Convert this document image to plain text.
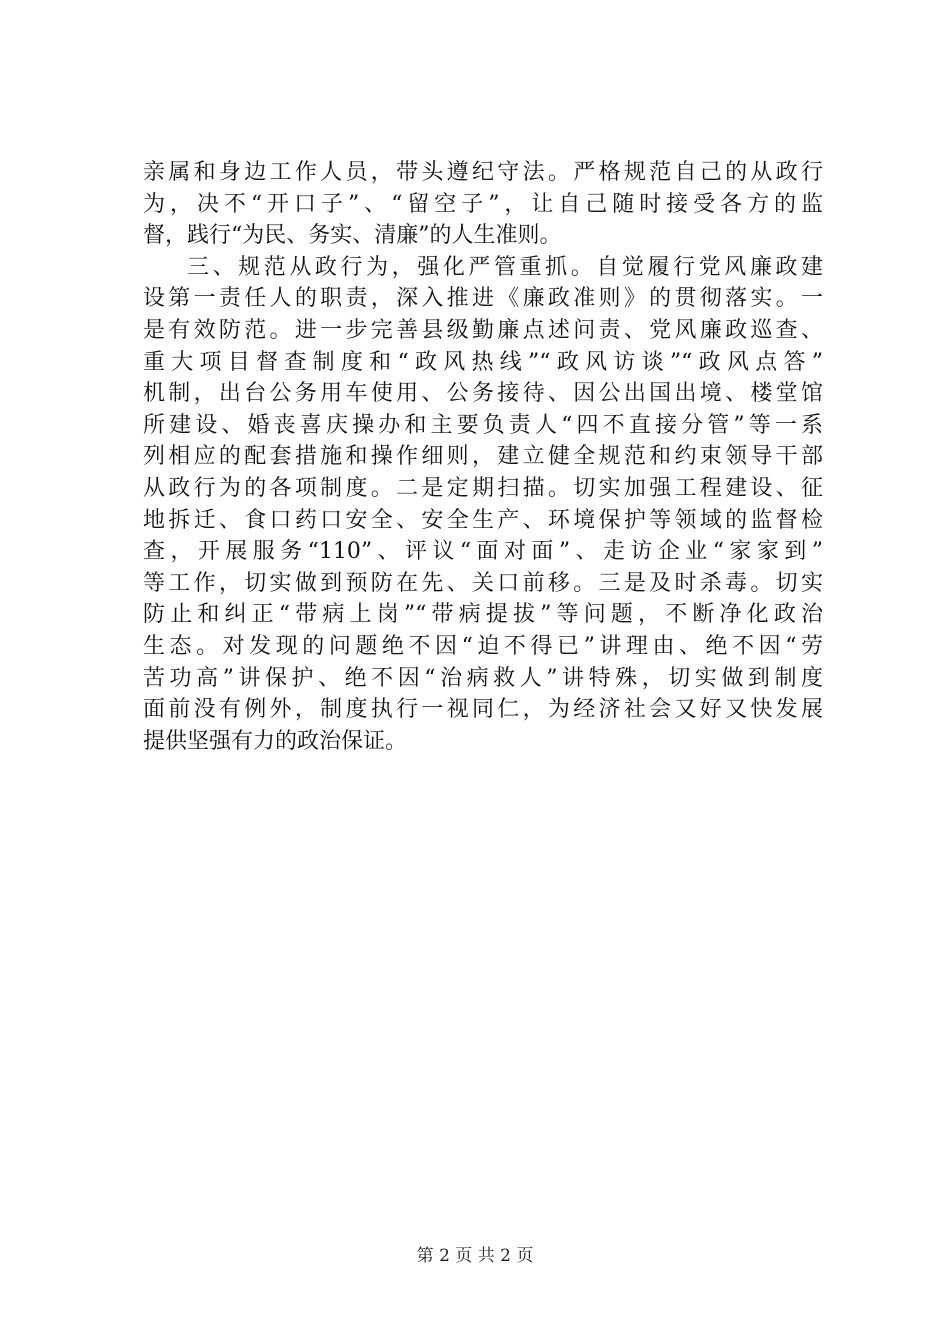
亲属和身边工作人员，带头遵纪守法。严格规范自己的从政行
为，决不“开口子”、“留空子”，让自己随时接受各方的监
督，践行“为民、务实、清廉”的人生准则。
三、规范从政行为，强化严管重抓。自觉履行党风廉政建
设第一责任人的职责，深入推进《廉政准则》的贯彻落实。一
是有效防范。进一步完善县级勤廉点述问责、党风廉政巡查、
重大项目督查制度和“政风热线”“政风访谈”“政风点答”
机制，出台公务用车使用、公务接待、因公出国出境、楼堂馆
所建设、婚丧喜庆操办和主要负责人“四不直接分管”等一系
列相应的配套措施和操作细则，建立健全规范和约束领导干部
从政行为的各项制度。二是定期扫描。切实加强工程建设、征
地拆迁、食口药口安全、安全生产、环境保护等领域的监督检
查，开展服务“110”、评议“面对面”、走访企业“家家到”
等工作，切实做到预防在先、关口前移。三是及时杀毒。切实
防止和纠正“带病上岗”“带病提拔”等问题，不断净化政治
生态。对发现的问题绝不因“迫不得已”讲理由、绝不因“劳
苦功高”讲保护、绝不因“治病救人”讲特殊，切实做到制度
面前没有例外，制度执行一视同仁，为经济社会又好又快发展
提供坚强有力的政治保证。
第 2 页 共 2 页
